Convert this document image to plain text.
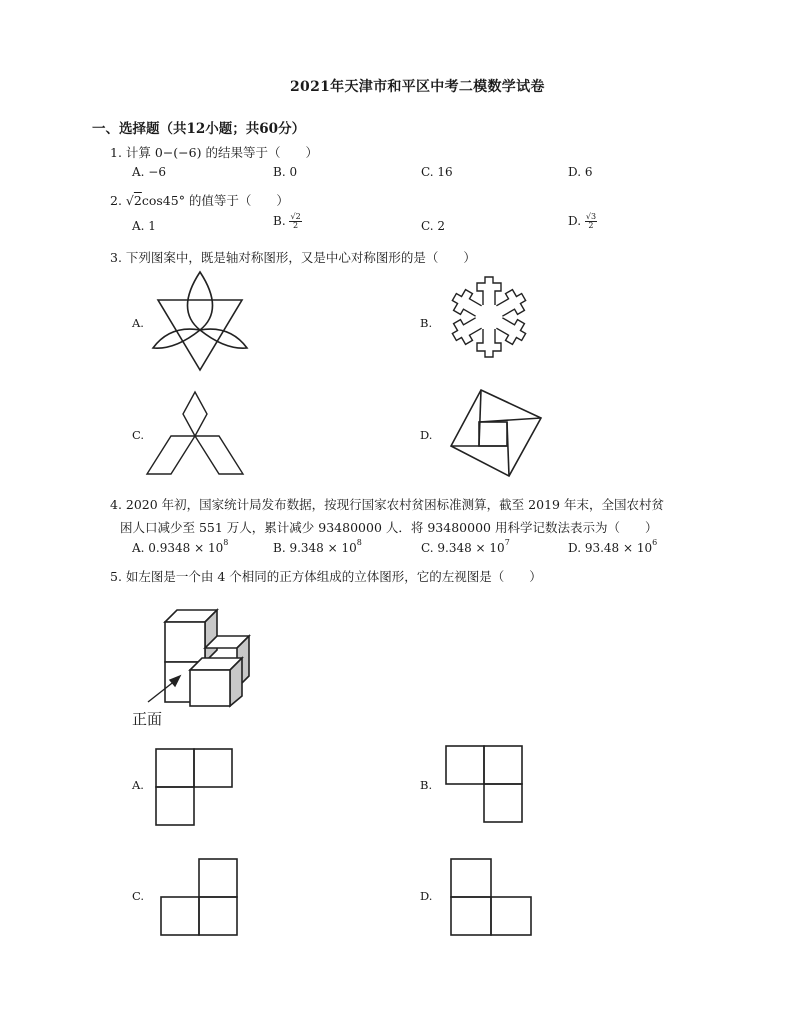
2021年天津市和平区中考二模数学试卷
一、选择题（共12小题；共60分）
1. 计算 0−(−6) 的结果等于（　　）
A. −6	B. 0	C. 16	D. 6
2. √2cos45° 的值等于（　　）
A. 1	B. $\frac{√2}{2}$	C. 2	D. $\frac{√3}{2}$
3. 下列图案中，既是轴对称图形，又是中心对称图形的是（　　）
A.	B.
C.	D.
4. 2020 年初，国家统计局发布数据，按现行国家农村贫困标准测算，截至 2019 年末，全国农村贫
困人口减少至 551 万人，累计减少 93480000 人．将 93480000 用科学记数法表示为（　　）
A. $0.9348 \times 10^8$	B. $9.348 \times 10^8$	C. $9.348 \times 10^7$	D. $93.48 \times 10^6$
5. 如左图是一个由 4 个相同的正方体组成的立体图形，它的左视图是（　　）
正面
A.	B.
C.	D.
